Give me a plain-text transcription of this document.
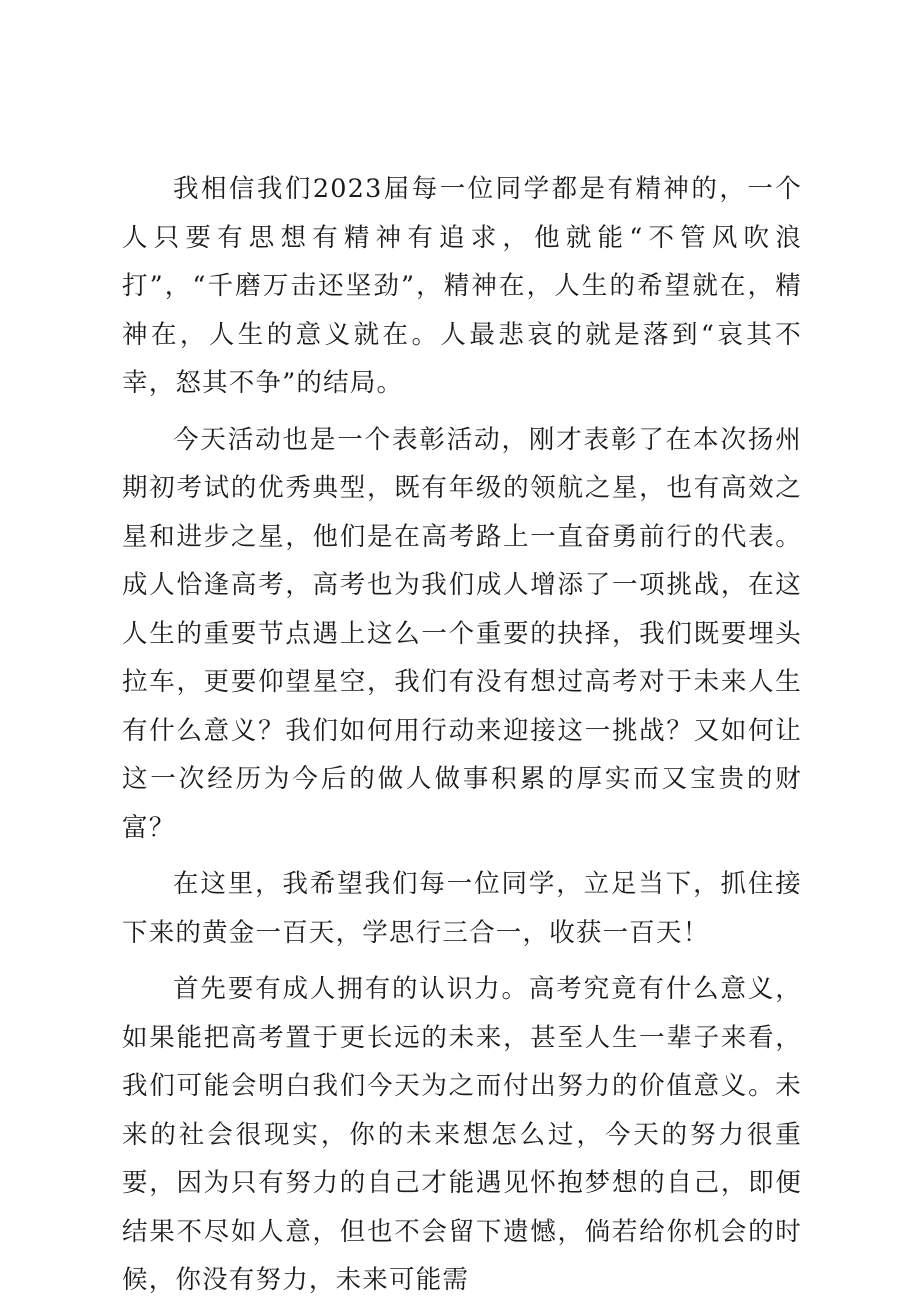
我相信我们2023届每一位同学都是有精神的，一个人只要有思想有精神有追求，他就能“不管风吹浪打”，“千磨万击还坚劲”，精神在，人生的希望就在，精神在，人生的意义就在。人最悲哀的就是落到“哀其不幸，怒其不争”的结局。

今天活动也是一个表彰活动，刚才表彰了在本次扬州期初考试的优秀典型，既有年级的领航之星，也有高效之星和进步之星，他们是在高考路上一直奋勇前行的代表。成人恰逢高考，高考也为我们成人增添了一项挑战，在这人生的重要节点遇上这么一个重要的抉择，我们既要埋头拉车，更要仰望星空，我们有没有想过高考对于未来人生有什么意义？我们如何用行动来迎接这一挑战？又如何让这一次经历为今后的做人做事积累的厚实而又宝贵的财富？

在这里，我希望我们每一位同学，立足当下，抓住接下来的黄金一百天，学思行三合一，收获一百天！

首先要有成人拥有的认识力。高考究竟有什么意义，如果能把高考置于更长远的未来，甚至人生一辈子来看，我们可能会明白我们今天为之而付出努力的价值意义。未来的社会很现实，你的未来想怎么过，今天的努力很重要，因为只有努力的自己才能遇见怀抱梦想的自己，即便结果不尽如人意，但也不会留下遗憾，倘若给你机会的时候，你没有努力，未来可能需
